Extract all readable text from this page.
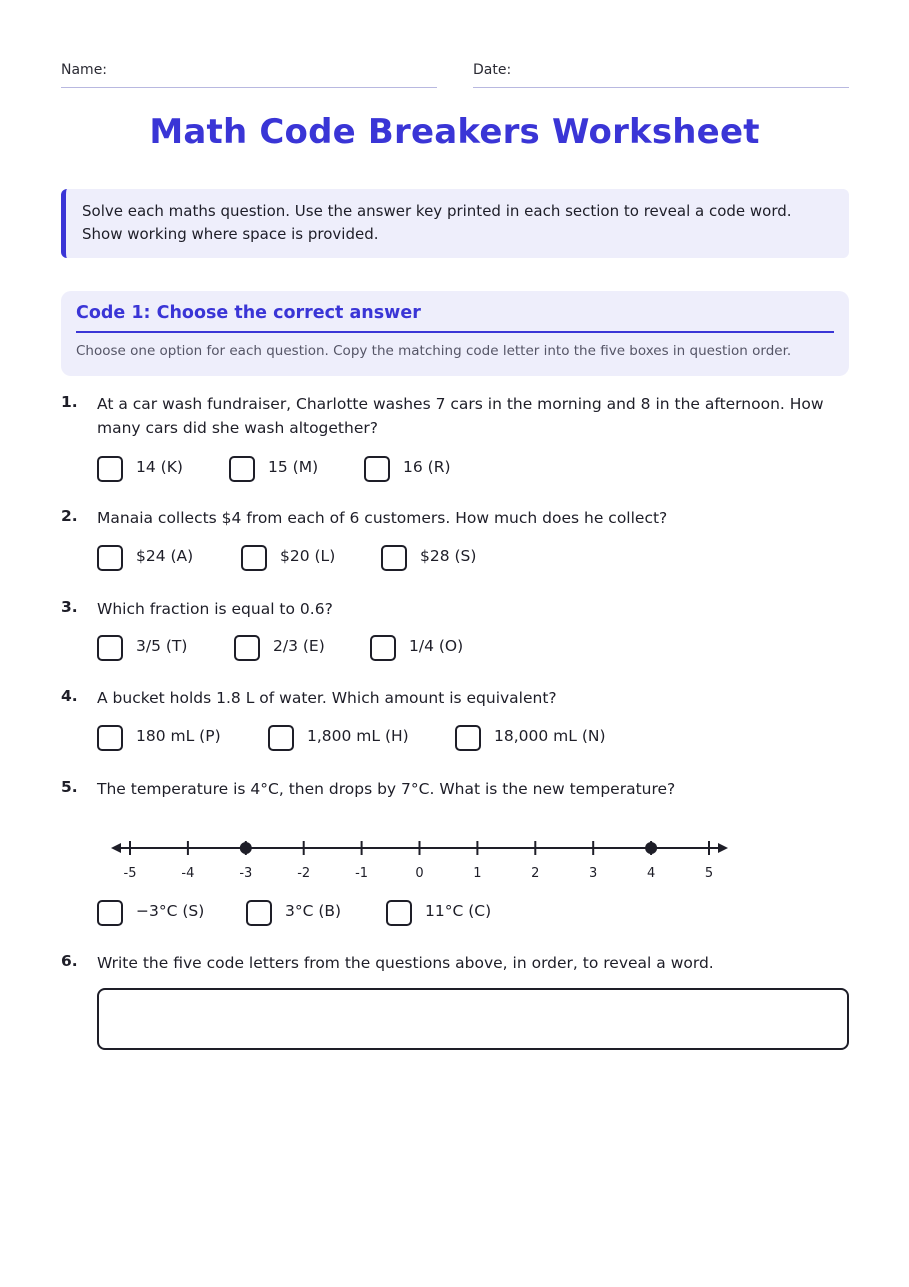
Name:	Date:
Math Code Breakers Worksheet
Solve each maths question. Use the answer key printed in each section to reveal a code word. Show working where space is provided.
Code 1: Choose the correct answer
Choose one option for each question. Copy the matching code letter into the five boxes in question order.
1. At a car wash fundraiser, Charlotte washes 7 cars in the morning and 8 in the afternoon. How many cars did she wash altogether?
14 (K)	15 (M)	16 (R)
2. Manaia collects $4 from each of 6 customers. How much does he collect?
$24 (A)	$20 (L)	$28 (S)
3. Which fraction is equal to 0.6?
3/5 (T)	2/3 (E)	1/4 (O)
4. A bucket holds 1.8 L of water. Which amount is equivalent?
180 mL (P)	1,800 mL (H)	18,000 mL (N)
5. The temperature is 4°C, then drops by 7°C. What is the new temperature?
-5	-4	-3	-2	-1	0	1	2	3	4	5
−3°C (S)	3°C (B)	11°C (C)
6. Write the five code letters from the questions above, in order, to reveal a word.
